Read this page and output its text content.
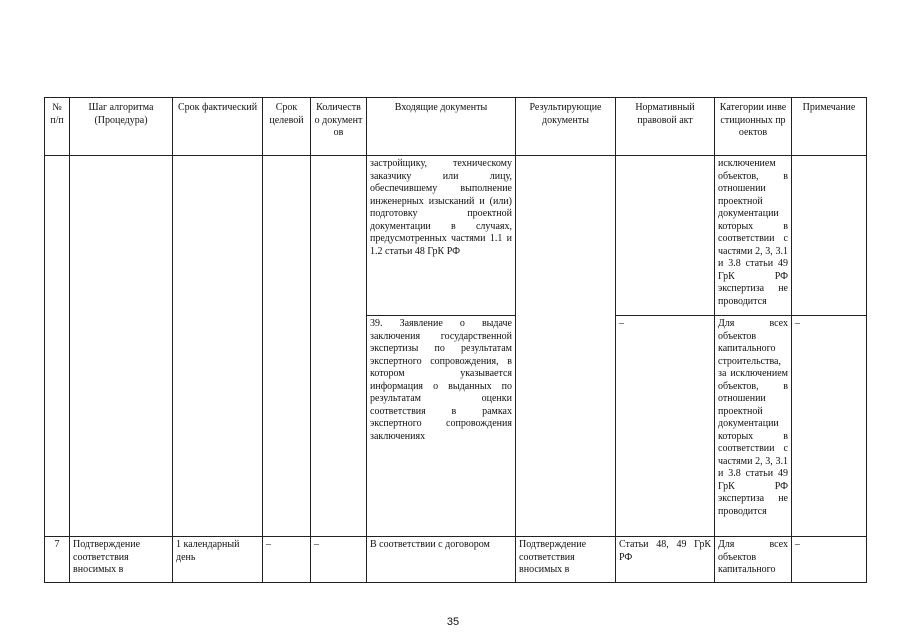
№ п/п	Шаг алгоритма (Процедура)	Срок фактический	Срок целевой	Количество документов	Входящие документы	Результирующие документы	Нормативный правовой акт	Категории инвестиционных проектов	Примечание
					застройщику, техническому заказчику или лицу, обеспечившему выполнение инженерных изысканий и (или) подготовку проектной документации в случаях, предусмотренных частями 1.1 и 1.2 статьи 48 ГрК РФ			исключением объектов, в отношении проектной документации которых в соответствии с частями 2, 3, 3.1 и 3.8 статьи 49 ГрК РФ экспертиза не проводится	
					39. Заявление о выдаче заключения государственной экспертизы по результатам экспертного сопровождения, в котором указывается информация о выданных по результатам оценки соответствия в рамках экспертного сопровождения заключениях		–	Для всех объектов капитального строительства, за исключением объектов, в отношении проектной документации которых в соответствии с частями 2, 3, 3.1 и 3.8 статьи 49 ГрК РФ экспертиза не проводится	–
7	Подтверждение соответствия вносимых в	1 календарный день	–	–	В соответствии с договором	Подтверждение соответствия вносимых в	Статьи 48, 49 ГрК РФ	Для всех объектов капитального	–
35
